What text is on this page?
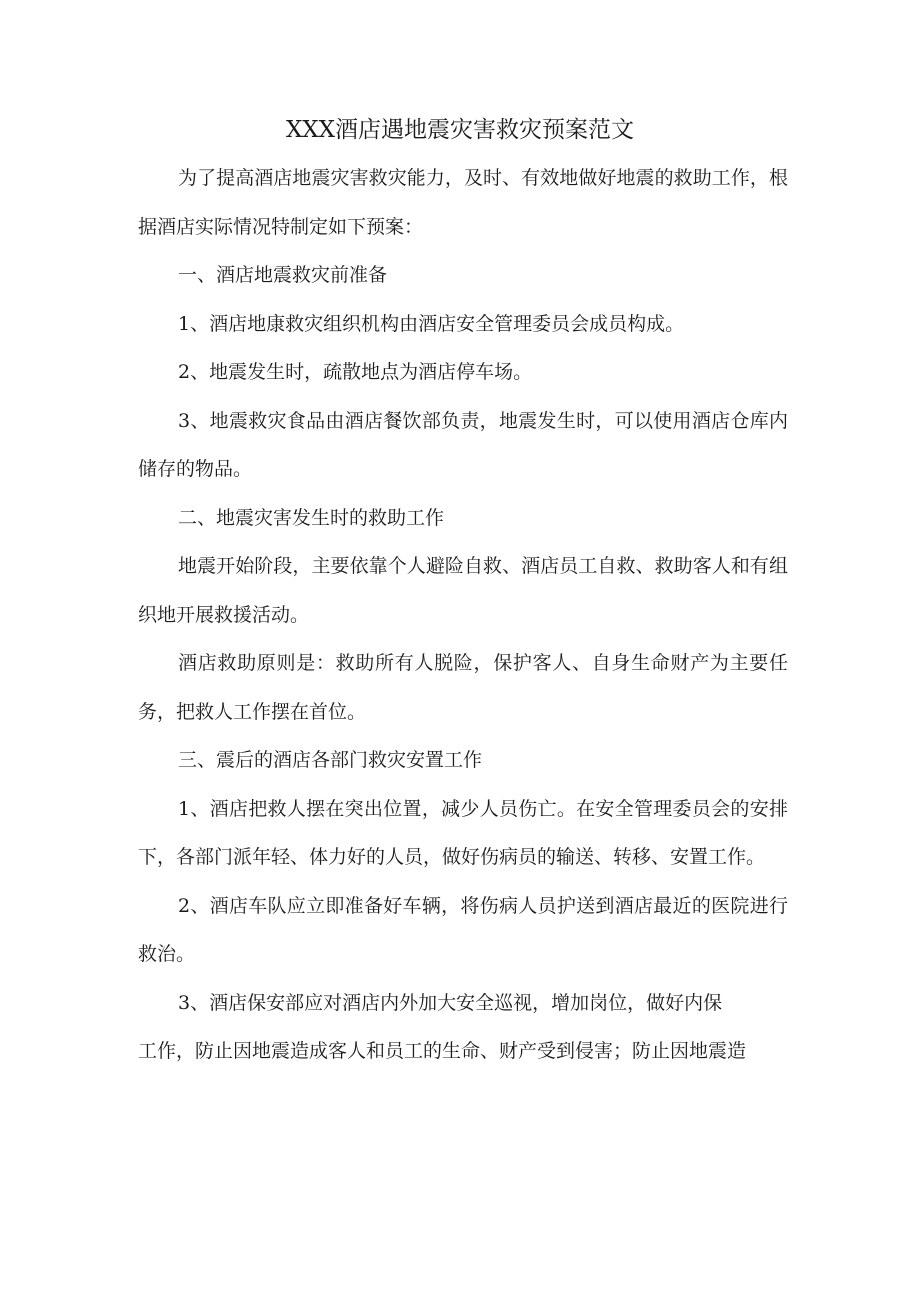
XXX酒店遇地震灾害救灾预案范文

为了提高酒店地震灾害救灾能力，及时、有效地做好地震的救助工作，根据酒店实际情况特制定如下预案：

一、酒店地震救灾前准备

1、酒店地康救灾组织机构由酒店安全管理委员会成员构成。

2、地震发生时，疏散地点为酒店停车场。

3、地震救灾食品由酒店餐饮部负责，地震发生时，可以使用酒店仓库内储存的物品。

二、地震灾害发生时的救助工作

地震开始阶段，主要依靠个人避险自救、酒店员工自救、救助客人和有组织地开展救援活动。

酒店救助原则是：救助所有人脱险，保护客人、自身生命财产为主要任务，把救人工作摆在首位。

三、震后的酒店各部门救灾安置工作

1、酒店把救人摆在突出位置，减少人员伤亡。在安全管理委员会的安排下，各部门派年轻、体力好的人员，做好伤病员的输送、转移、安置工作。

2、酒店车队应立即准备好车辆，将伤病人员护送到酒店最近的医院进行救治。

3、酒店保安部应对酒店内外加大安全巡视，增加岗位，做好内保
工作，防止因地震造成客人和员工的生命、财产受到侵害；防止因地震造
